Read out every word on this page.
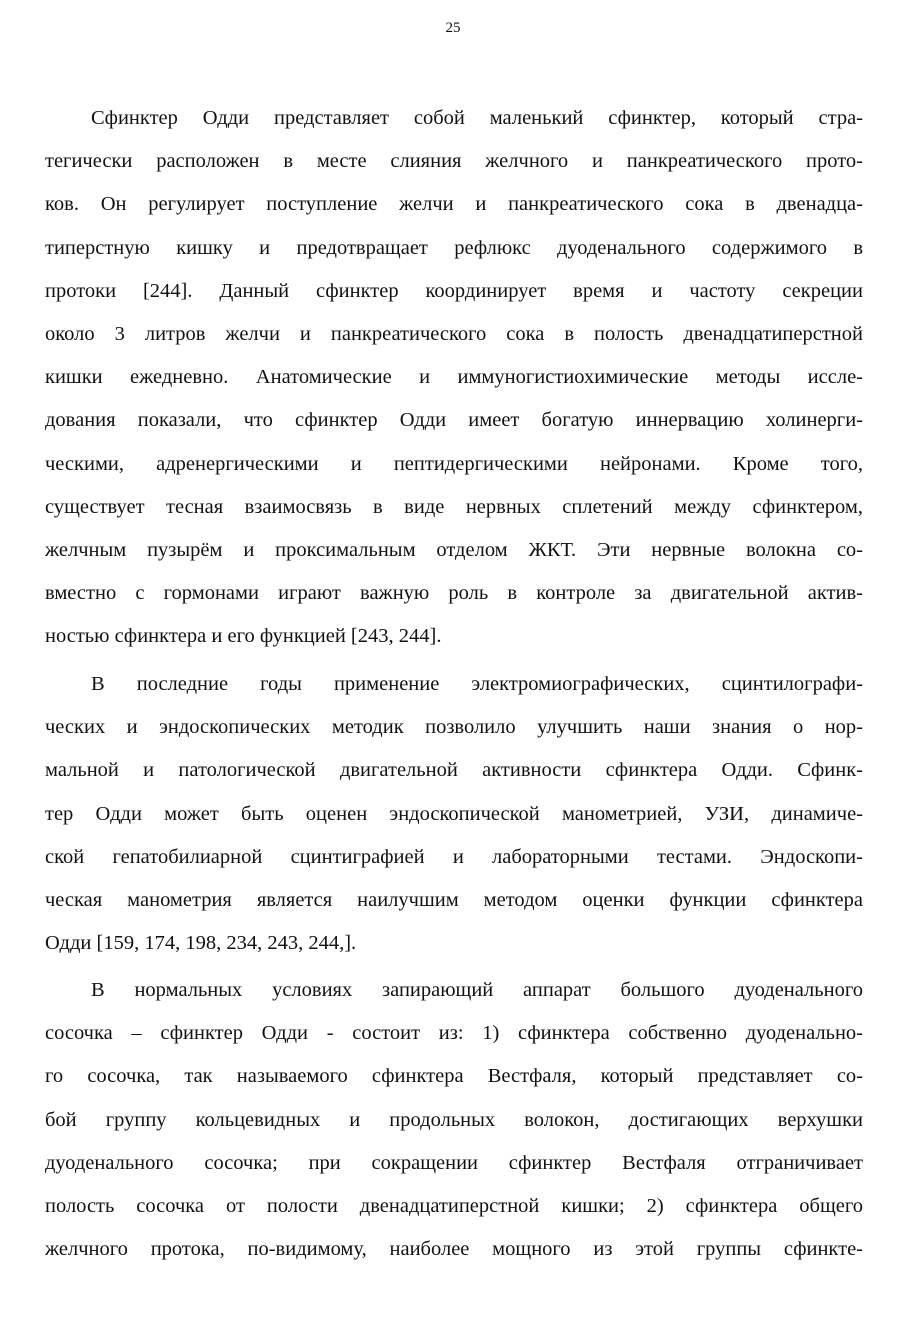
25
Сфинктер Одди представляет собой маленький сфинктер, который стра-
тегически расположен в месте слияния желчного и панкреатического прото-
ков. Он регулирует поступление желчи и панкреатического сока в двенадца-
типерстную кишку и предотвращает рефлюкс дуоденального содержимого в
протоки [244]. Данный сфинктер координирует время и частоту секреции
около 3 литров желчи и панкреатического сока в полость двенадцатиперстной
кишки ежедневно. Анатомические и иммуногистиохимические методы иссле-
дования показали, что сфинктер Одди имеет богатую иннервацию холинерги-
ческими, адренергическими и пептидергическими нейронами. Кроме того,
существует тесная взаимосвязь в виде нервных сплетений между сфинктером,
желчным пузырём и проксимальным отделом ЖКТ. Эти нервные волокна со-
вместно с гормонами играют важную роль в контроле за двигательной актив-
ностью сфинктера и его функцией [243, 244].
В последние годы применение электромиографических, сцинтилографи-
ческих и эндоскопических методик позволило улучшить наши знания о нор-
мальной и патологической двигательной активности сфинктера Одди. Сфинк-
тер Одди может быть оценен эндоскопической манометрией, УЗИ, динамиче-
ской гепатобилиарной сцинтиграфией и лабораторными тестами. Эндоскопи-
ческая манометрия является наилучшим методом оценки функции сфинктера
Одди [159, 174, 198, 234, 243, 244,].
В нормальных условиях запирающий аппарат большого дуоденального
сосочка – сфинктер Одди - состоит из: 1) сфинктера собственно дуоденально-
го сосочка, так называемого сфинктера Вестфаля, который представляет со-
бой группу кольцевидных и продольных волокон, достигающих верхушки
дуоденального сосочка; при сокращении сфинктер Вестфаля отграничивает
полость сосочка от полости двенадцатиперстной кишки; 2) сфинктера общего
желчного протока, по-видимому, наиболее мощного из этой группы сфинкте-
